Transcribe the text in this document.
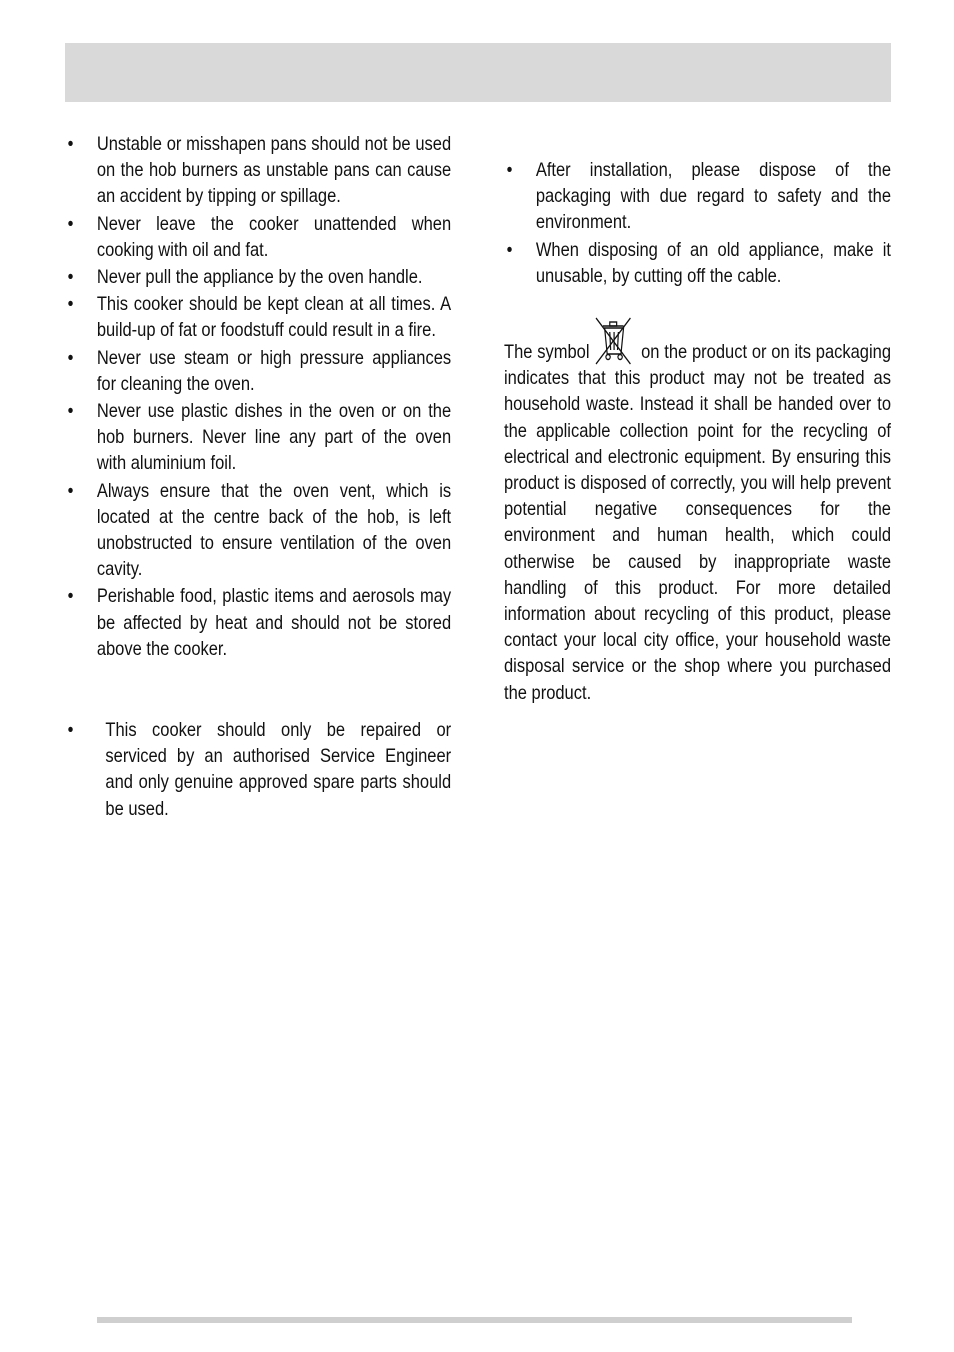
•	Unstable or misshapen pans should not be used on the hob burners as unstable pans can cause an accident by tipping or spillage.
•	Never leave the cooker unattended when cooking with oil and fat.
•	Never pull the appliance by the oven handle.
•	This cooker should be kept clean at all times. A build-up of fat or foodstuff could result in a fire.
•	Never use steam or high pressure appliances for cleaning the oven.
•	Never use plastic dishes in the oven or on the hob burners. Never line any part of the oven with aluminium foil.
•	Always ensure that the oven vent, which is located at the centre back of the hob, is left unobstructed to ensure ventilation of the oven cavity.
•	Perishable food, plastic items and aerosols may be affected by heat and should not be stored above the cooker.
•	This cooker should only be repaired or serviced by an authorised Service Engineer and only genuine approved spare parts should be used.
•	After installation, please dispose of the packaging with due regard to safety and the environment.
•	When disposing of an old appliance, make it unusable, by cutting off the cable.

The symbol	on the product or on its packaging indicates that this product may not be treated as household waste. Instead it shall be handed over to the applicable collection point for the recycling of electrical and electronic equipment. By ensuring this product is disposed of correctly, you will help prevent potential negative consequences for the environment and human health, which could otherwise be caused by inappropriate waste handling of this product. For more detailed information about recycling of this product, please contact your local city office, your household waste disposal service or the shop where you purchased the product.
